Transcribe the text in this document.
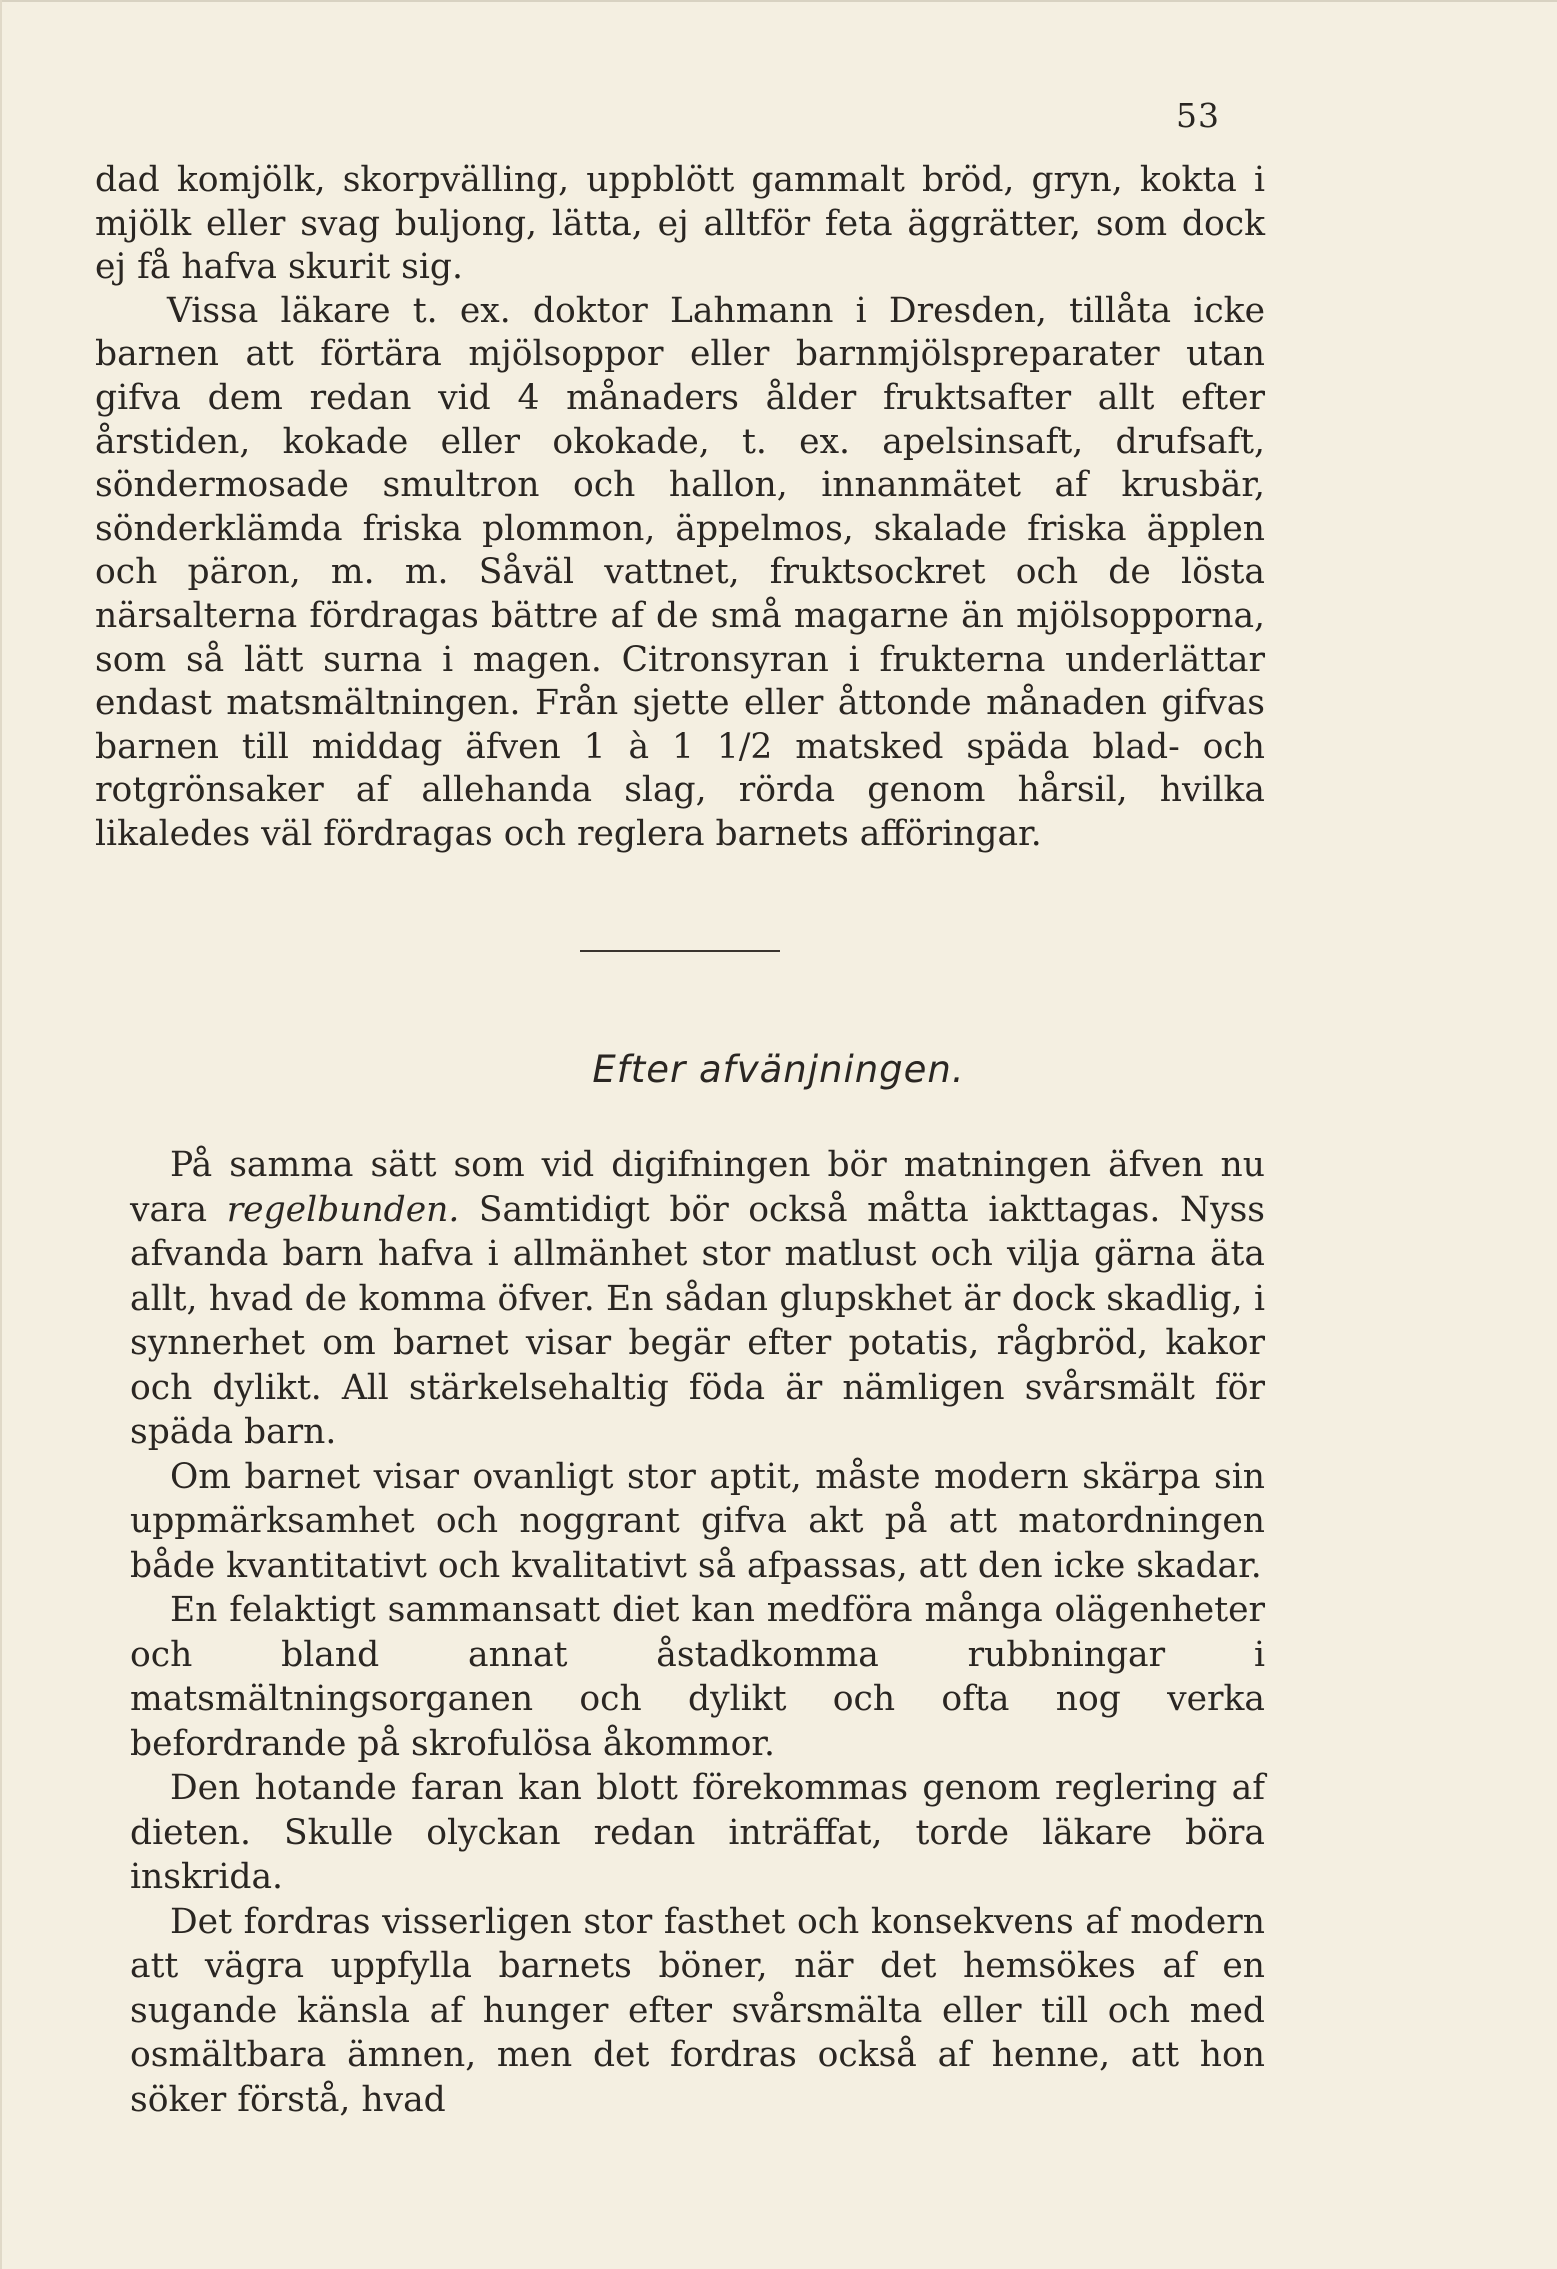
53

dad komjölk, skorpvälling, uppblött gammalt bröd, gryn, kokta i mjölk eller svag buljong, lätta, ej alltför feta äggrätter, som dock ej få hafva skurit sig.

Vissa läkare t. ex. doktor Lahmann i Dresden, tillåta icke barnen att förtära mjölsoppor eller barnmjölspreparater utan gifva dem redan vid 4 månaders ålder fruktsafter allt efter årstiden, kokade eller okokade, t. ex. apelsinsaft, drufsaft, söndermosade smultron och hallon, innanmätet af krusbär, sönderklämda friska plommon, äppelmos, skalade friska äpplen och päron, m. m. Såväl vattnet, fruktsockret och de lösta närsalterna fördragas bättre af de små magarne än mjölsopporna, som så lätt surna i magen. Citronsyran i frukterna underlättar endast matsmältningen. Från sjette eller åttonde månaden gifvas barnen till middag äfven 1 à 1 1/2 matsked späda blad- och rotgrönsaker af allehanda slag, rörda genom hårsil, hvilka likaledes väl fördragas och reglera barnets afföringar.

Efter afvänjningen.

På samma sätt som vid digifningen bör matningen äfven nu vara regelbunden. Samtidigt bör också måtta iakttagas. Nyss afvanda barn hafva i allmänhet stor matlust och vilja gärna äta allt, hvad de komma öfver. En sådan glupskhet är dock skadlig, i synnerhet om barnet visar begär efter potatis, rågbröd, kakor och dylikt. All stärkelsehaltig föda är nämligen svårsmält för späda barn.

Om barnet visar ovanligt stor aptit, måste modern skärpa sin uppmärksamhet och noggrant gifva akt på att matordningen både kvantitativt och kvalitativt så afpassas, att den icke skadar.

En felaktigt sammansatt diet kan medföra många olägenheter och bland annat åstadkomma rubbningar i matsmältningsorganen och dylikt och ofta nog verka befordrande på skrofulösa åkommor.

Den hotande faran kan blott förekommas genom reglering af dieten. Skulle olyckan redan inträffat, torde läkare böra inskrida.

Det fordras visserligen stor fasthet och konsekvens af modern att vägra uppfylla barnets böner, när det hemsökes af en sugande känsla af hunger efter svårsmälta eller till och med osmältbara ämnen, men det fordras också af henne, att hon söker förstå, hvad
